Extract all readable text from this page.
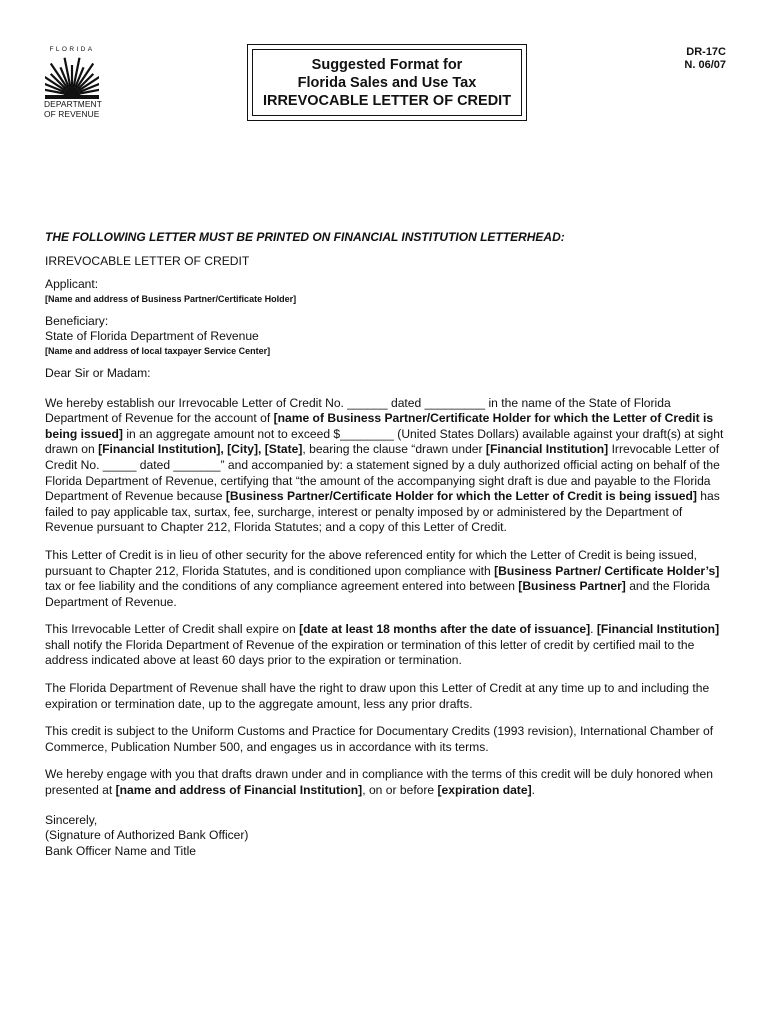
FLORIDA
DEPARTMENT
OF REVENUE
Suggested Format for
Florida Sales and Use Tax
IRREVOCABLE LETTER OF CREDIT
DR-17C
N. 06/07

THE FOLLOWING LETTER MUST BE PRINTED ON FINANCIAL INSTITUTION LETTERHEAD:

IRREVOCABLE LETTER OF CREDIT

Applicant:

[Name and address of Business Partner/Certificate Holder]

Beneficiary:

State of Florida Department of Revenue

[Name and address of local taxpayer Service Center]

Dear Sir or Madam:

We hereby establish our Irrevocable Letter of Credit No. ______ dated _________ in the name of the State of Florida Department of Revenue for the account of [name of Business Partner/Certificate Holder for which the Letter of Credit is being issued] in an aggregate amount not to exceed $________ (United States Dollars) available against your draft(s) at sight drawn on [Financial Institution], [City], [State], bearing the clause “drawn under [Financial Institution] Irrevocable Letter of Credit No. _____ dated _______” and accompanied by: a statement signed by a duly authorized official acting on behalf of the Florida Department of Revenue, certifying that “the amount of the accompanying sight draft is due and payable to the Florida Department of Revenue because [Business Partner/Certificate Holder for which the Letter of Credit is being issued] has failed to pay applicable tax, surtax, fee, surcharge, interest or penalty imposed by or administered by the Department of Revenue pursuant to Chapter 212, Florida Statutes; and a copy of this Letter of Credit.

This Letter of Credit is in lieu of other security for the above referenced entity for which the Letter of Credit is being issued, pursuant to Chapter 212, Florida Statutes, and is conditioned upon compliance with [Business Partner/ Certificate Holder’s] tax or fee liability and the conditions of any compliance agreement entered into between [Business Partner] and the Florida Department of Revenue.

This Irrevocable Letter of Credit shall expire on [date at least 18 months after the date of issuance]. [Financial Institution] shall notify the Florida Department of Revenue of the expiration or termination of this letter of credit by certified mail to the address indicated above at least 60 days prior to the expiration or termination.

The Florida Department of Revenue shall have the right to draw upon this Letter of Credit at any time up to and including the expiration or termination date, up to the aggregate amount, less any prior drafts.

This credit is subject to the Uniform Customs and Practice for Documentary Credits (1993 revision), International Chamber of Commerce, Publication Number 500, and engages us in accordance with its terms.

We hereby engage with you that drafts drawn under and in compliance with the terms of this credit will be duly honored when presented at [name and address of Financial Institution], on or before [expiration date].

Sincerely,

(Signature of Authorized Bank Officer)

Bank Officer Name and Title
